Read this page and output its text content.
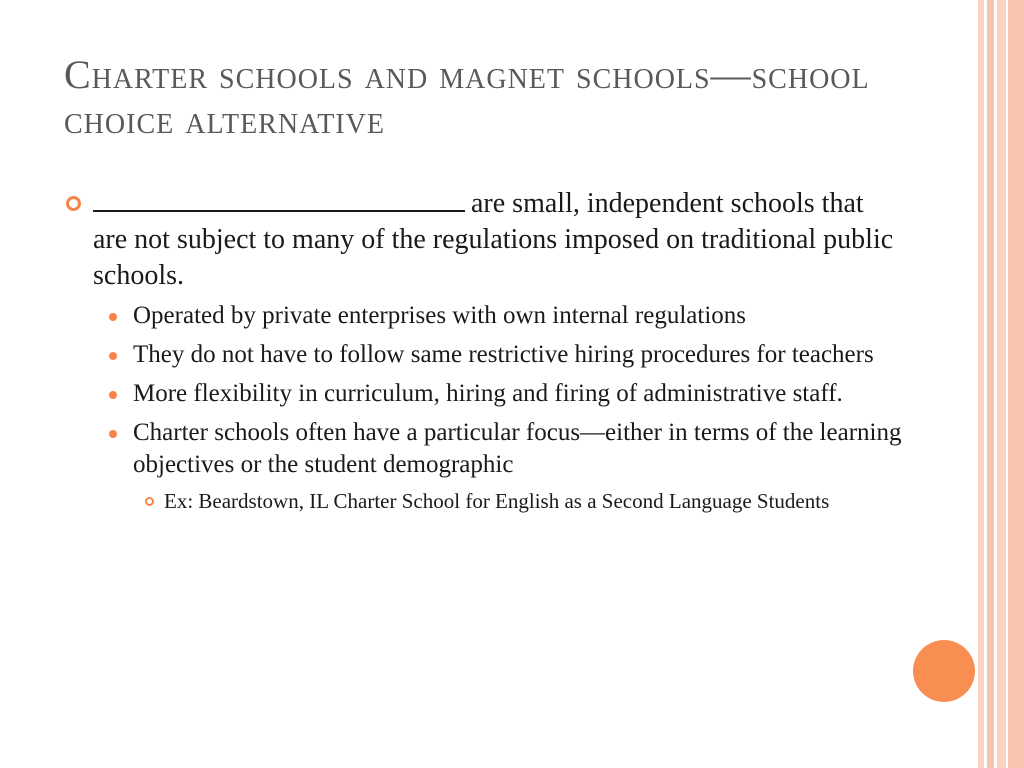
Charter schools and magnet schools—school choice alternative

are small, independent schools that are not subject to many of the regulations imposed on traditional public schools.

Operated by private enterprises with own internal regulations

They do not have to follow same restrictive hiring procedures for teachers

More flexibility in curriculum, hiring and firing of administrative staff.

Charter schools often have a particular focus—either in terms of the learning objectives or the student demographic

Ex: Beardstown, IL Charter School for English as a Second Language Students
